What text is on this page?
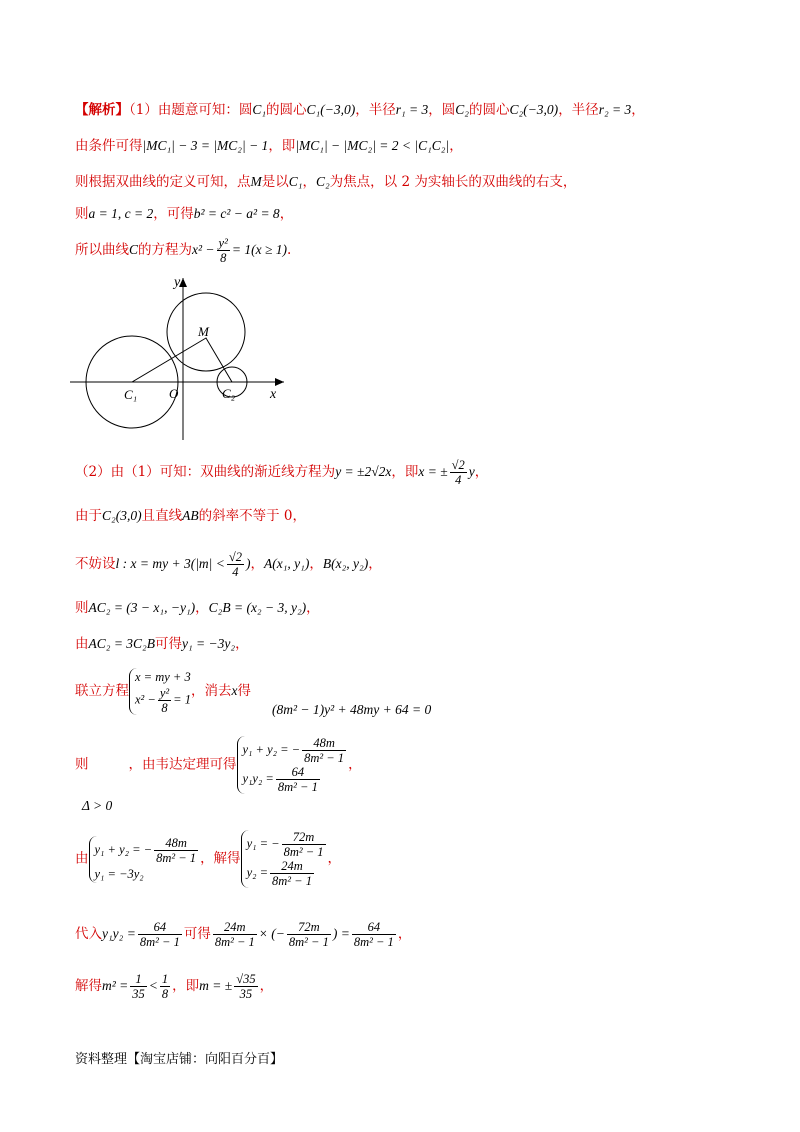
【解析】（1）由题意可知：圆C₁的圆心C₁(−3,0)，半径r₁ = 3，圆C₂的圆心C₂(−3,0)，半径r₂ = 3，
由条件可得|MC₁| − 3 = |MC₂| − 1，即|MC₁| − |MC₂| = 2 < |C₁C₂|，
则根据双曲线的定义可知，点M是以C₁，C₂为焦点，以 2 为实轴长的双曲线的右支，
则a = 1, c = 2，可得b² = c² − a² = 8，
所以曲线C的方程为$x^2 - \frac{\text{y²}}{8} = 1(x \ge 1)$.
y
x
M
O
C₁	C₂
（2）由（1）可知：双曲线的渐近线方程为y = ±2√2x，即x = ± $\frac{√2}{4}$ y，
由于C₂(3,0)且直线AB的斜率不等于 0，
不妨设l : x = my + $3(|m| < \frac{√2}{4}$ )，A(x₁, y₁)，B(x₂, y₂)，
则AC₂ = (3 − x₁, −y₁)，C₂B = (x₂ − 3, y₂)，
由AC₂ = 3C₂B可得y₁ = −3y₂，
联立方程
x = my + 3
$x^2 - \frac{\text{y²}}{8} = 1$
，消去x得
(8m² − 1)y² + 48my + 64 = 0
则	，由韦达定理可得
y₁ + y₂ = − $\frac{48m}{\text{8m² − 1}}$
$y_1y_2 = \frac{64}{\text{8m² − 1}}$
，
Δ > 0
由
y₁ + y₂ = − $\frac{48m}{\text{8m² − 1}}$
y₁ = −3y₂
，解得
y₁ = − $\frac{72m}{\text{8m² − 1}}$
$y_2 = \frac{24m}{\text{8m² − 1}}$
，
代入$y_1y_2 = \frac{64}{\text{8m² − 1}}$ 可得 $\frac{24m}{\text{8m² − 1}}$ × (− $\frac{72m}{\text{8m² − 1}}$ ) = $\frac{64}{\text{8m² − 1}}$ ，
解得$m^2 = \frac{1}{35} < \frac{1}{8}$ ，即m = ± $\frac{√35}{35}$ ，
资料整理【淘宝店铺：向阳百分百】
